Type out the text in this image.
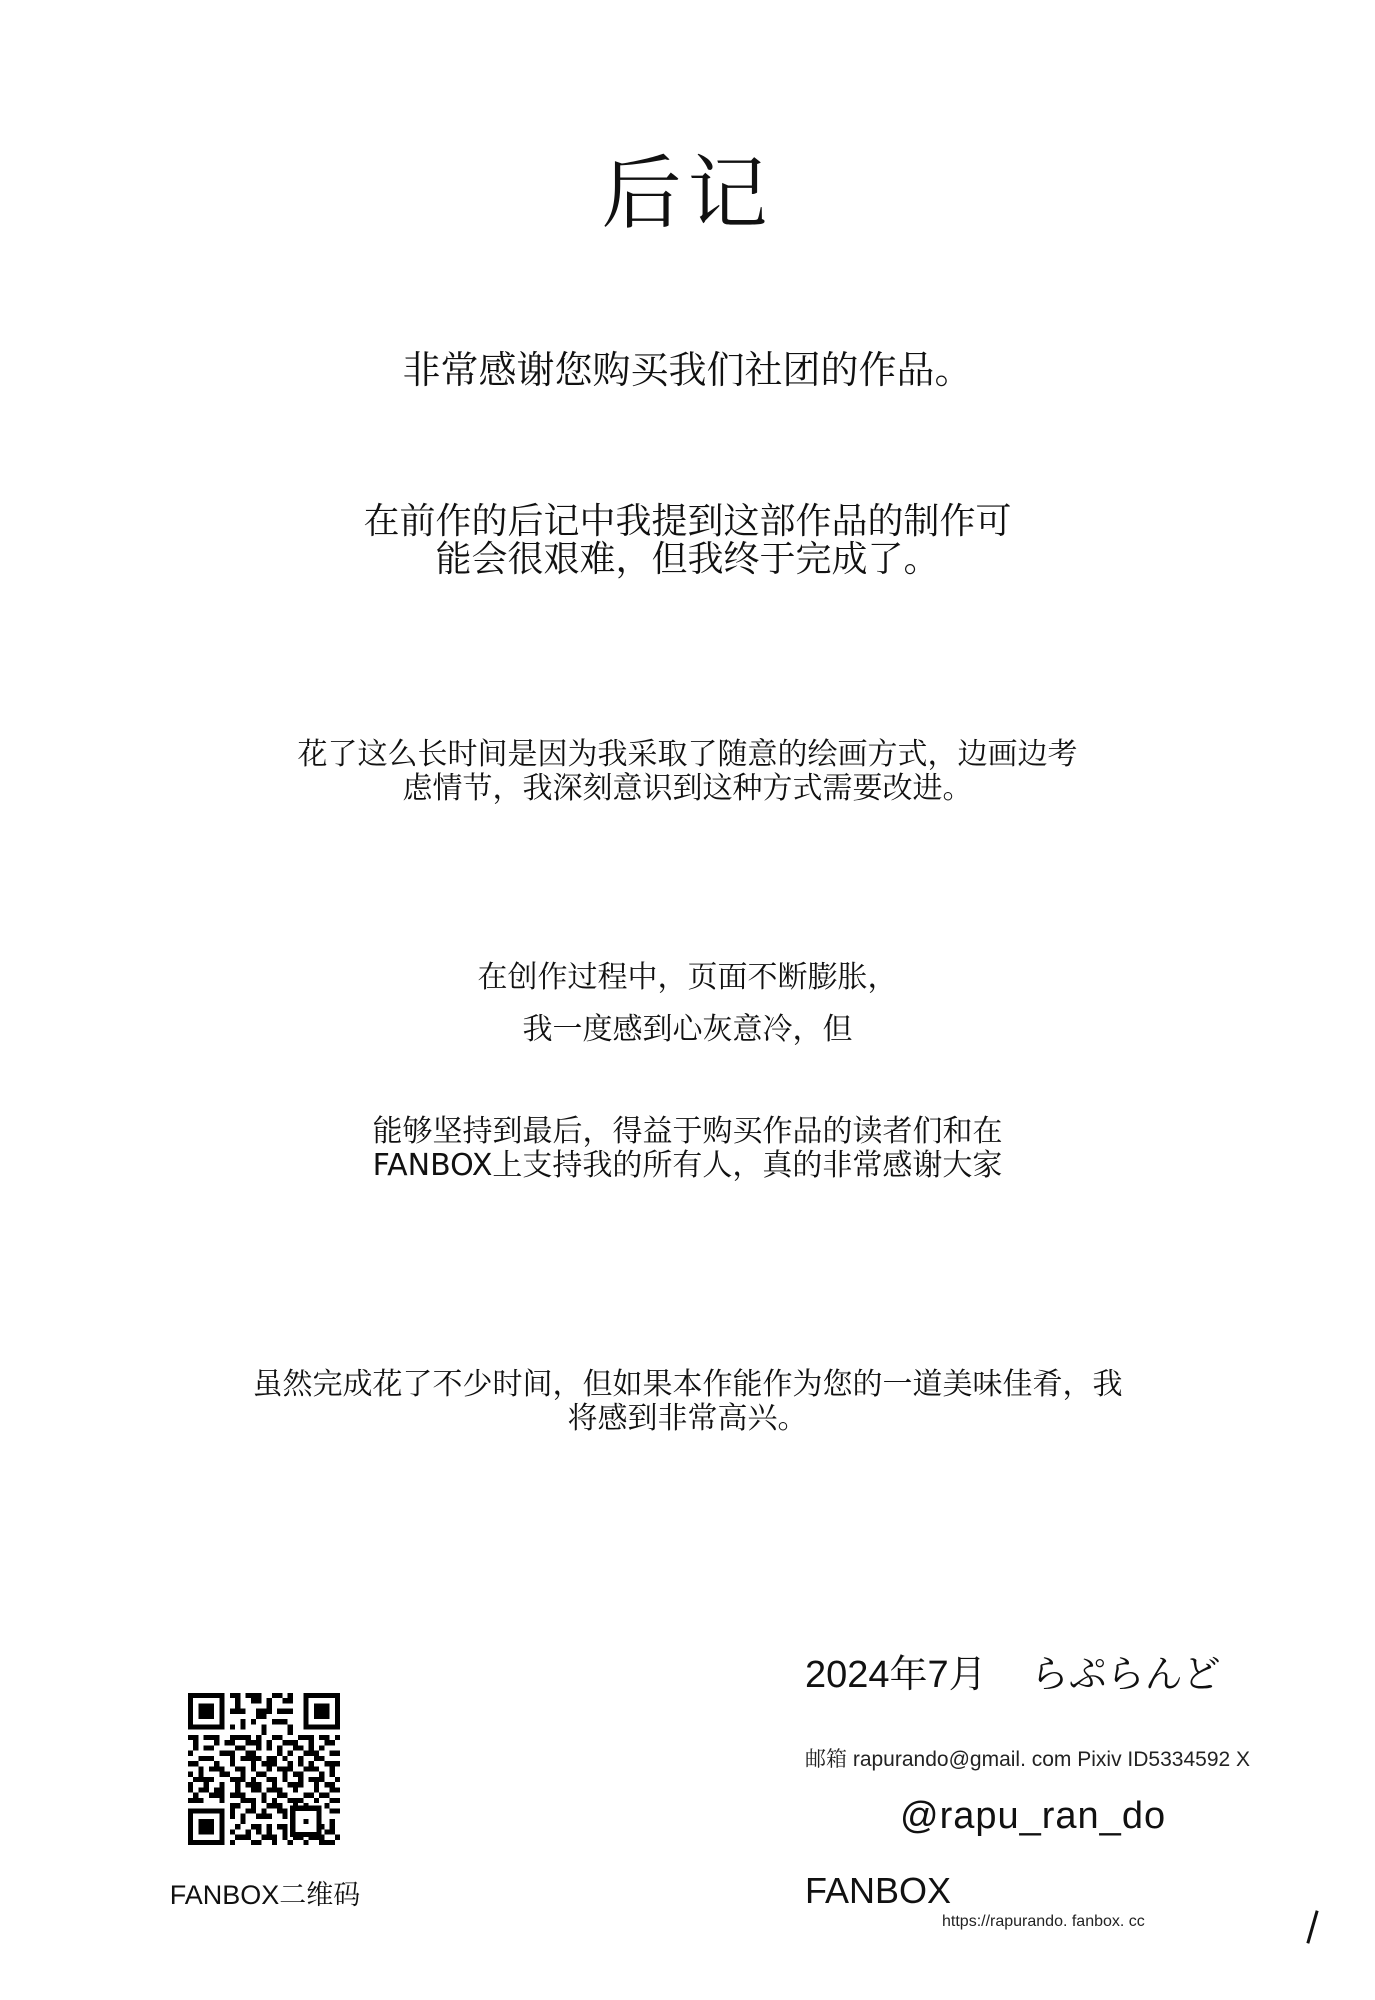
后记

非常感谢您购买我们社团的作品。

在前作的后记中我提到这部作品的制作可

能会很艰难，但我终于完成了。

花了这么长时间是因为我采取了随意的绘画方式，边画边考

虑情节，我深刻意识到这种方式需要改进。

在创作过程中，页面不断膨胀，

我一度感到心灰意冷，但

能够坚持到最后，得益于购买作品的读者们和在

FANBOX上支持我的所有人，真的非常感谢大家

虽然完成花了不少时间，但如果本作能作为您的一道美味佳肴，我

将感到非常高兴。

FANBOX二维码
2024年7月 らぷらんど
邮箱 rapurando@gmail. com Pixiv ID5334592 X
@rapu_ran_do
FANBOX
https://rapurando. fanbox. cc
